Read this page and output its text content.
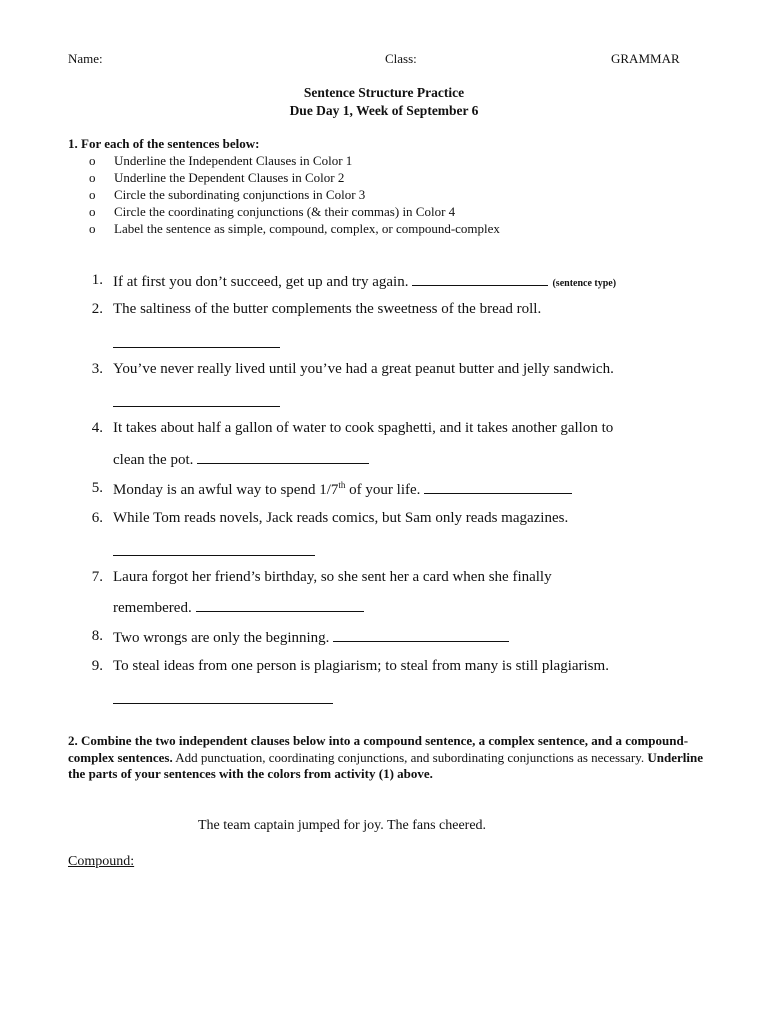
Name:	Class:	GRAMMAR
Sentence Structure Practice
Due Day 1, Week of September 6
1. For each of the sentences below:
o	Underline the Independent Clauses in Color 1
o	Underline the Dependent Clauses in Color 2
o	Circle the subordinating conjunctions in Color 3
o	Circle the coordinating conjunctions (& their commas) in Color 4
o	Label the sentence as simple, compound, complex, or compound-complex
1. If at first you don’t succeed, get up and try again.	(sentence type)
2. The saltiness of the butter complements the sweetness of the bread roll.
3. You’ve never really lived until you’ve had a great peanut butter and jelly sandwich.
4. It takes about half a gallon of water to cook spaghetti, and it takes another gallon to
clean the pot.
5. Monday is an awful way to spend 1/7th of your life.
6. While Tom reads novels, Jack reads comics, but Sam only reads magazines.
7. Laura forgot her friend’s birthday, so she sent her a card when she finally
remembered.
8. Two wrongs are only the beginning.
9. To steal ideas from one person is plagiarism; to steal from many is still plagiarism.
2. Combine the two independent clauses below into a compound sentence, a complex sentence, and a compound-complex sentences. Add punctuation, coordinating conjunctions, and subordinating conjunctions as necessary. Underline the parts of your sentences with the colors from activity (1) above.
The team captain jumped for joy. The fans cheered.
Compound:
